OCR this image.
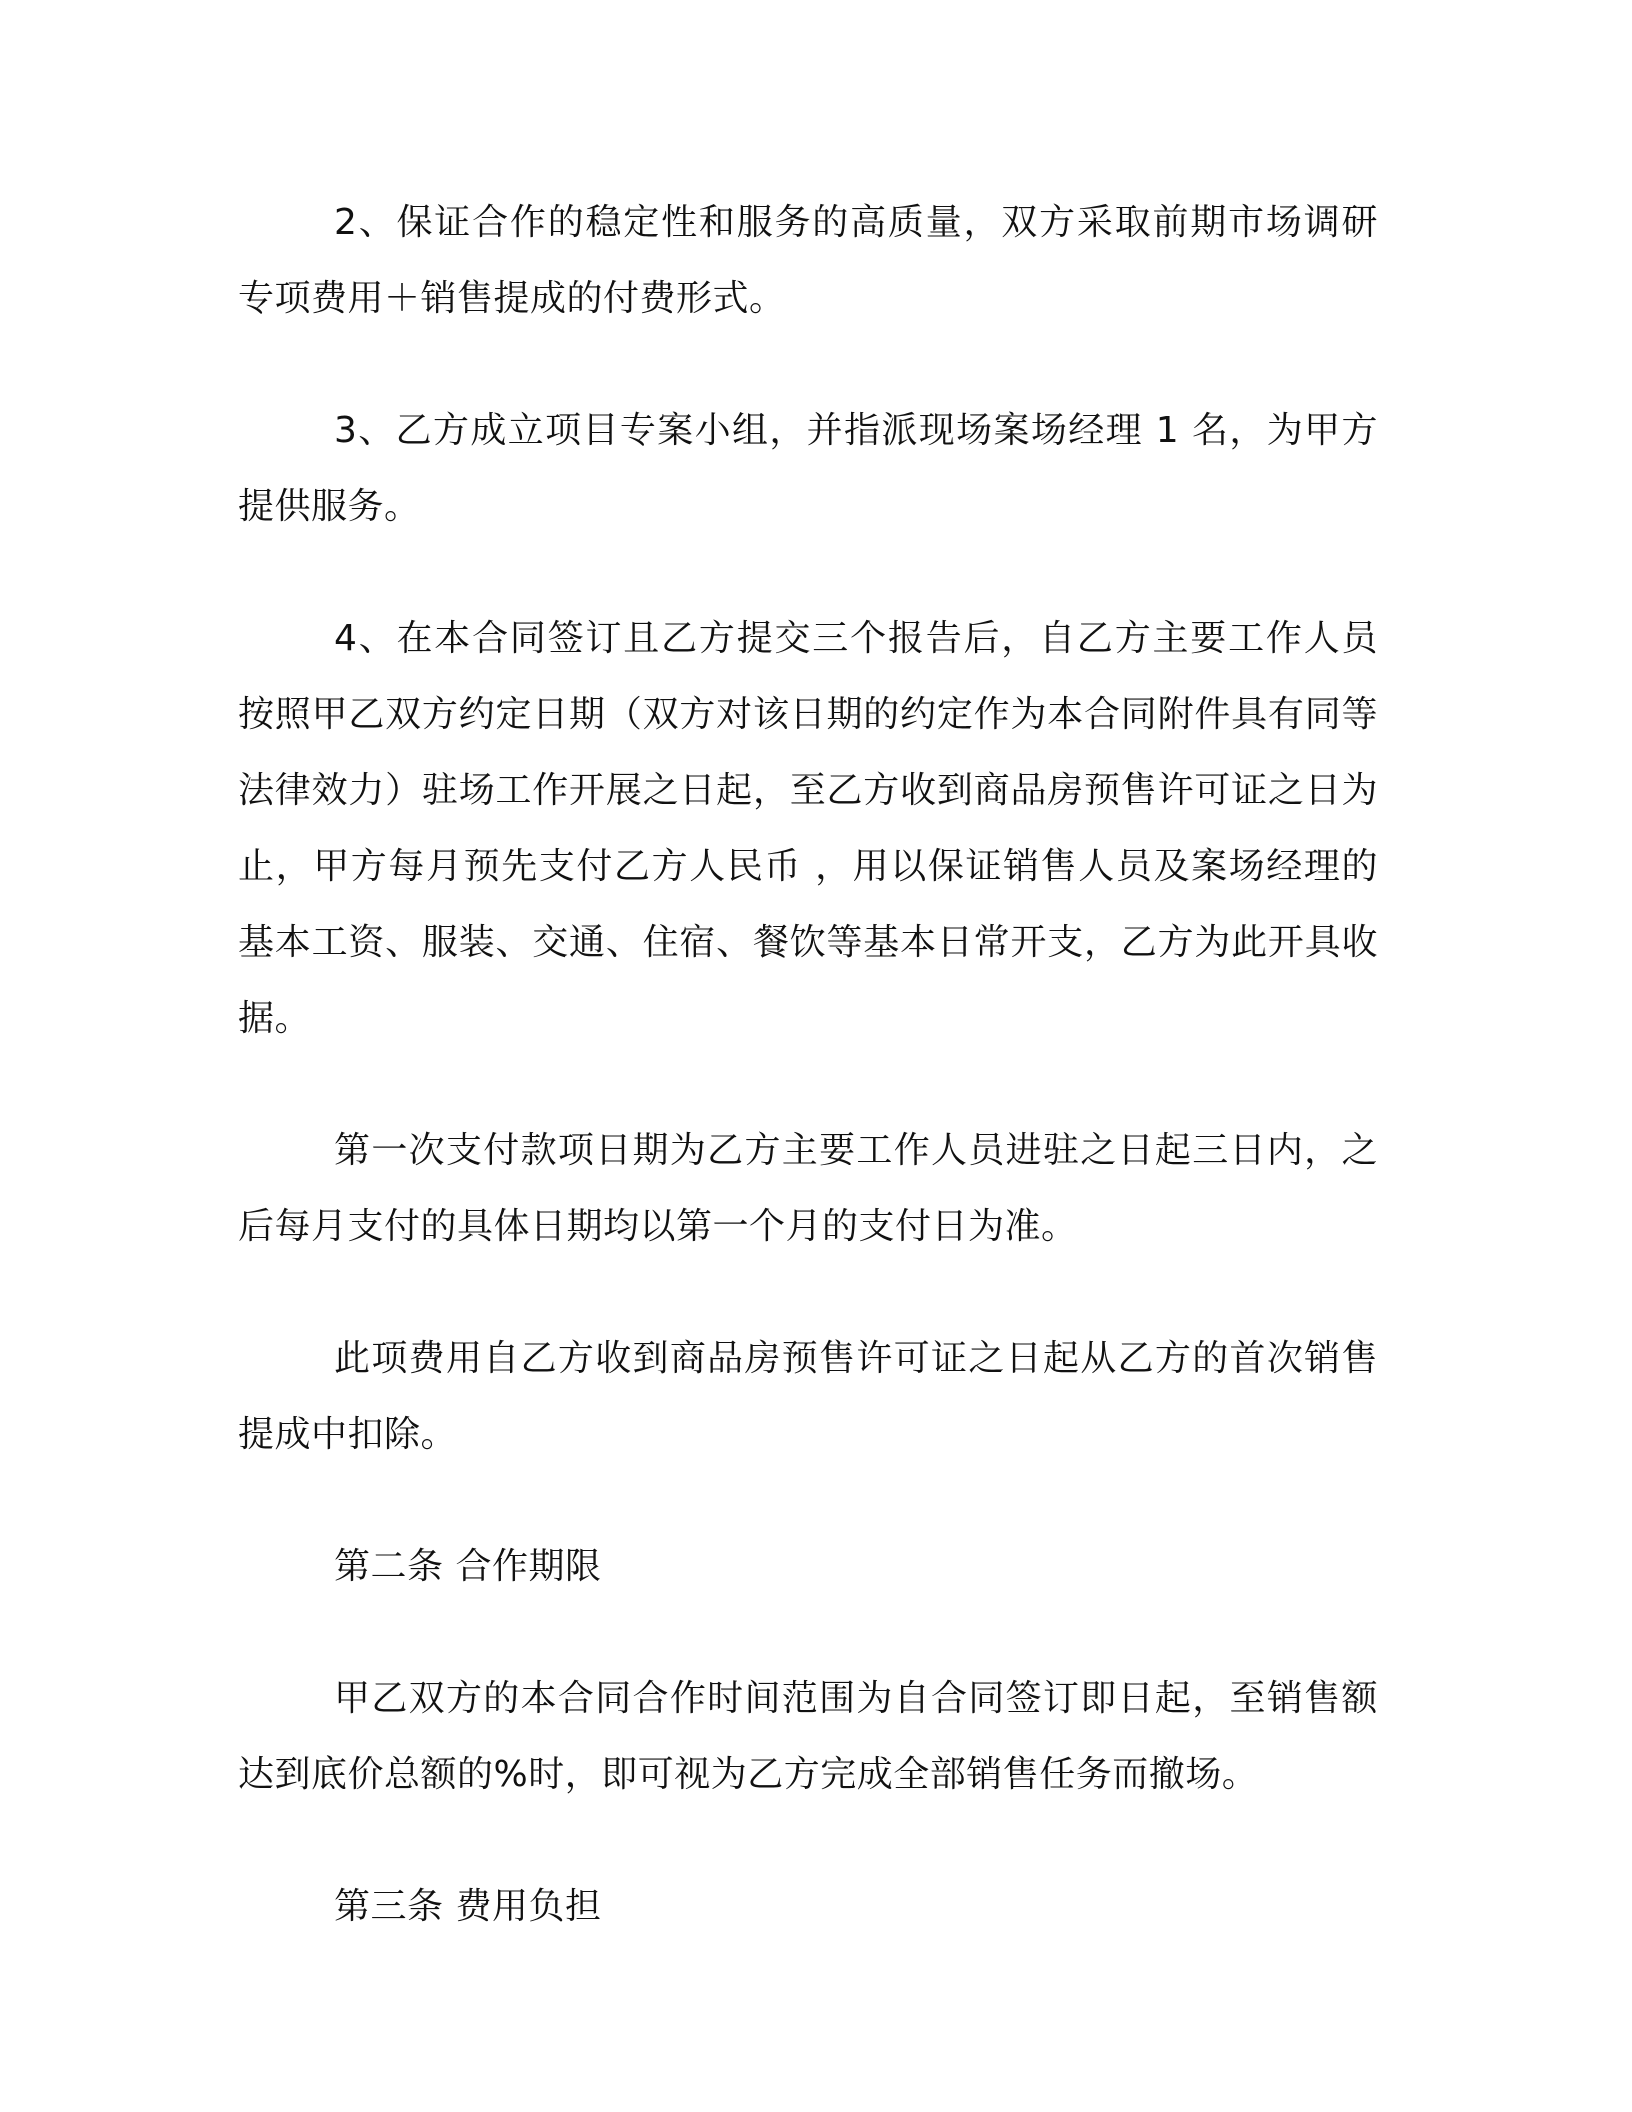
2、保证合作的稳定性和服务的高质量，双方采取前期市场调研专项费用＋销售提成的付费形式。

3、乙方成立项目专案小组，并指派现场案场经理 1 名，为甲方提供服务。

4、在本合同签订且乙方提交三个报告后，自乙方主要工作人员按照甲乙双方约定日期（双方对该日期的约定作为本合同附件具有同等法律效力）驻场工作开展之日起，至乙方收到商品房预售许可证之日为止，甲方每月预先支付乙方人民币 ，用以保证销售人员及案场经理的基本工资、服装、交通、住宿、餐饮等基本日常开支，乙方为此开具收据。

第一次支付款项日期为乙方主要工作人员进驻之日起三日内，之后每月支付的具体日期均以第一个月的支付日为准。

此项费用自乙方收到商品房预售许可证之日起从乙方的首次销售提成中扣除。

第二条 合作期限

甲乙双方的本合同合作时间范围为自合同签订即日起，至销售额达到底价总额的%时，即可视为乙方完成全部销售任务而撤场。

第三条 费用负担
